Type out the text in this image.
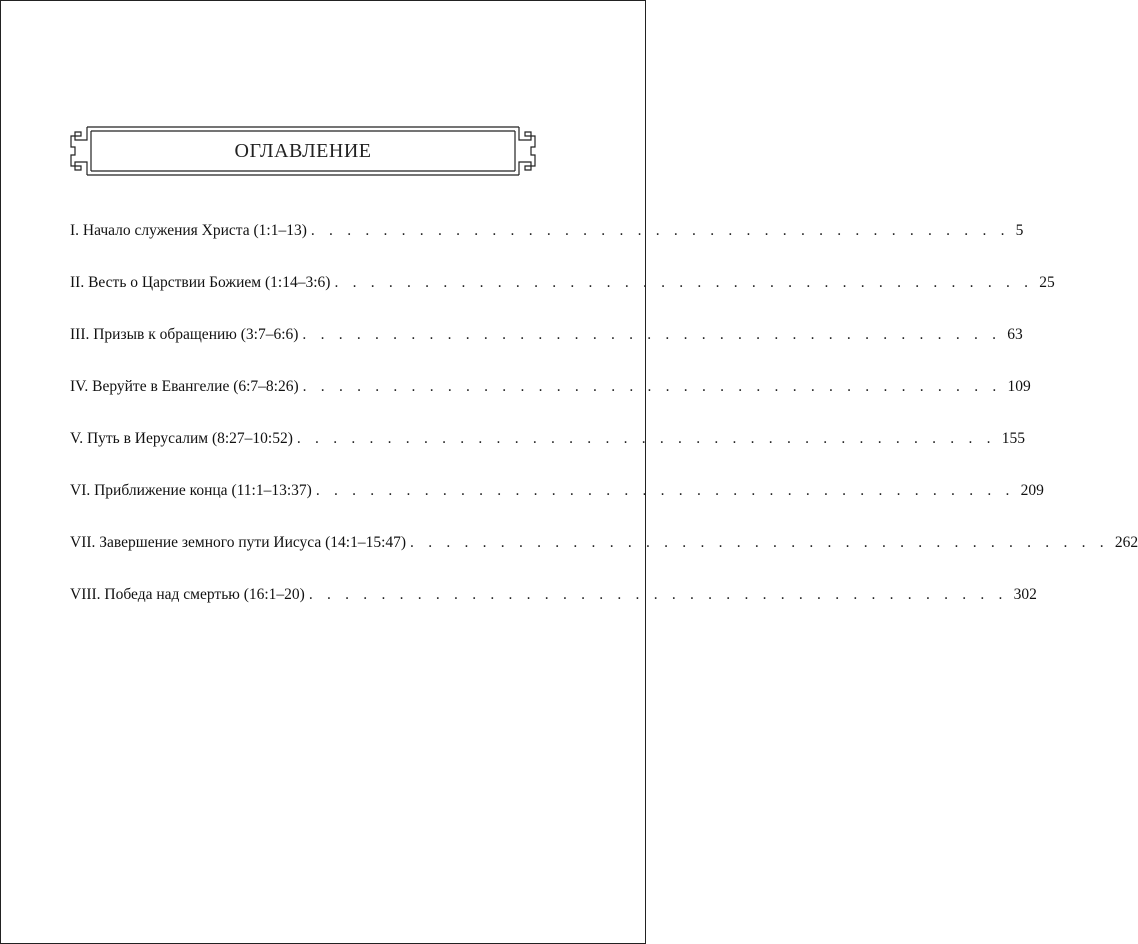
ОГЛАВЛЕНИЕ
I. Начало служения Христа (1:1–13) . . . . . . . . . . . . . . . . . . . . . . . . . . . . . . . . . . . . . . . 5
II. Весть о Царствии Божием (1:14–3:6) . . . . . . . . . . . . . . . . . . . . . . . . . . . . . . . . . . . . . . . 25
III. Призыв к обращению (3:7–6:6) . . . . . . . . . . . . . . . . . . . . . . . . . . . . . . . . . . . . . . . 63
IV. Веруйте в Евангелие (6:7–8:26) . . . . . . . . . . . . . . . . . . . . . . . . . . . . . . . . . . . . . . . 109
V. Путь в Иерусалим (8:27–10:52) . . . . . . . . . . . . . . . . . . . . . . . . . . . . . . . . . . . . . . . 155
VI. Приближение конца (11:1–13:37) . . . . . . . . . . . . . . . . . . . . . . . . . . . . . . . . . . . . . . . 209
VII. Завершение земного пути Иисуса (14:1–15:47) . . . . . . . . . . . . . . . . . . . . . . . . . . . . . . . . . . . . . . . 262
VIII. Победа над смертью (16:1–20) . . . . . . . . . . . . . . . . . . . . . . . . . . . . . . . . . . . . . . . 302
